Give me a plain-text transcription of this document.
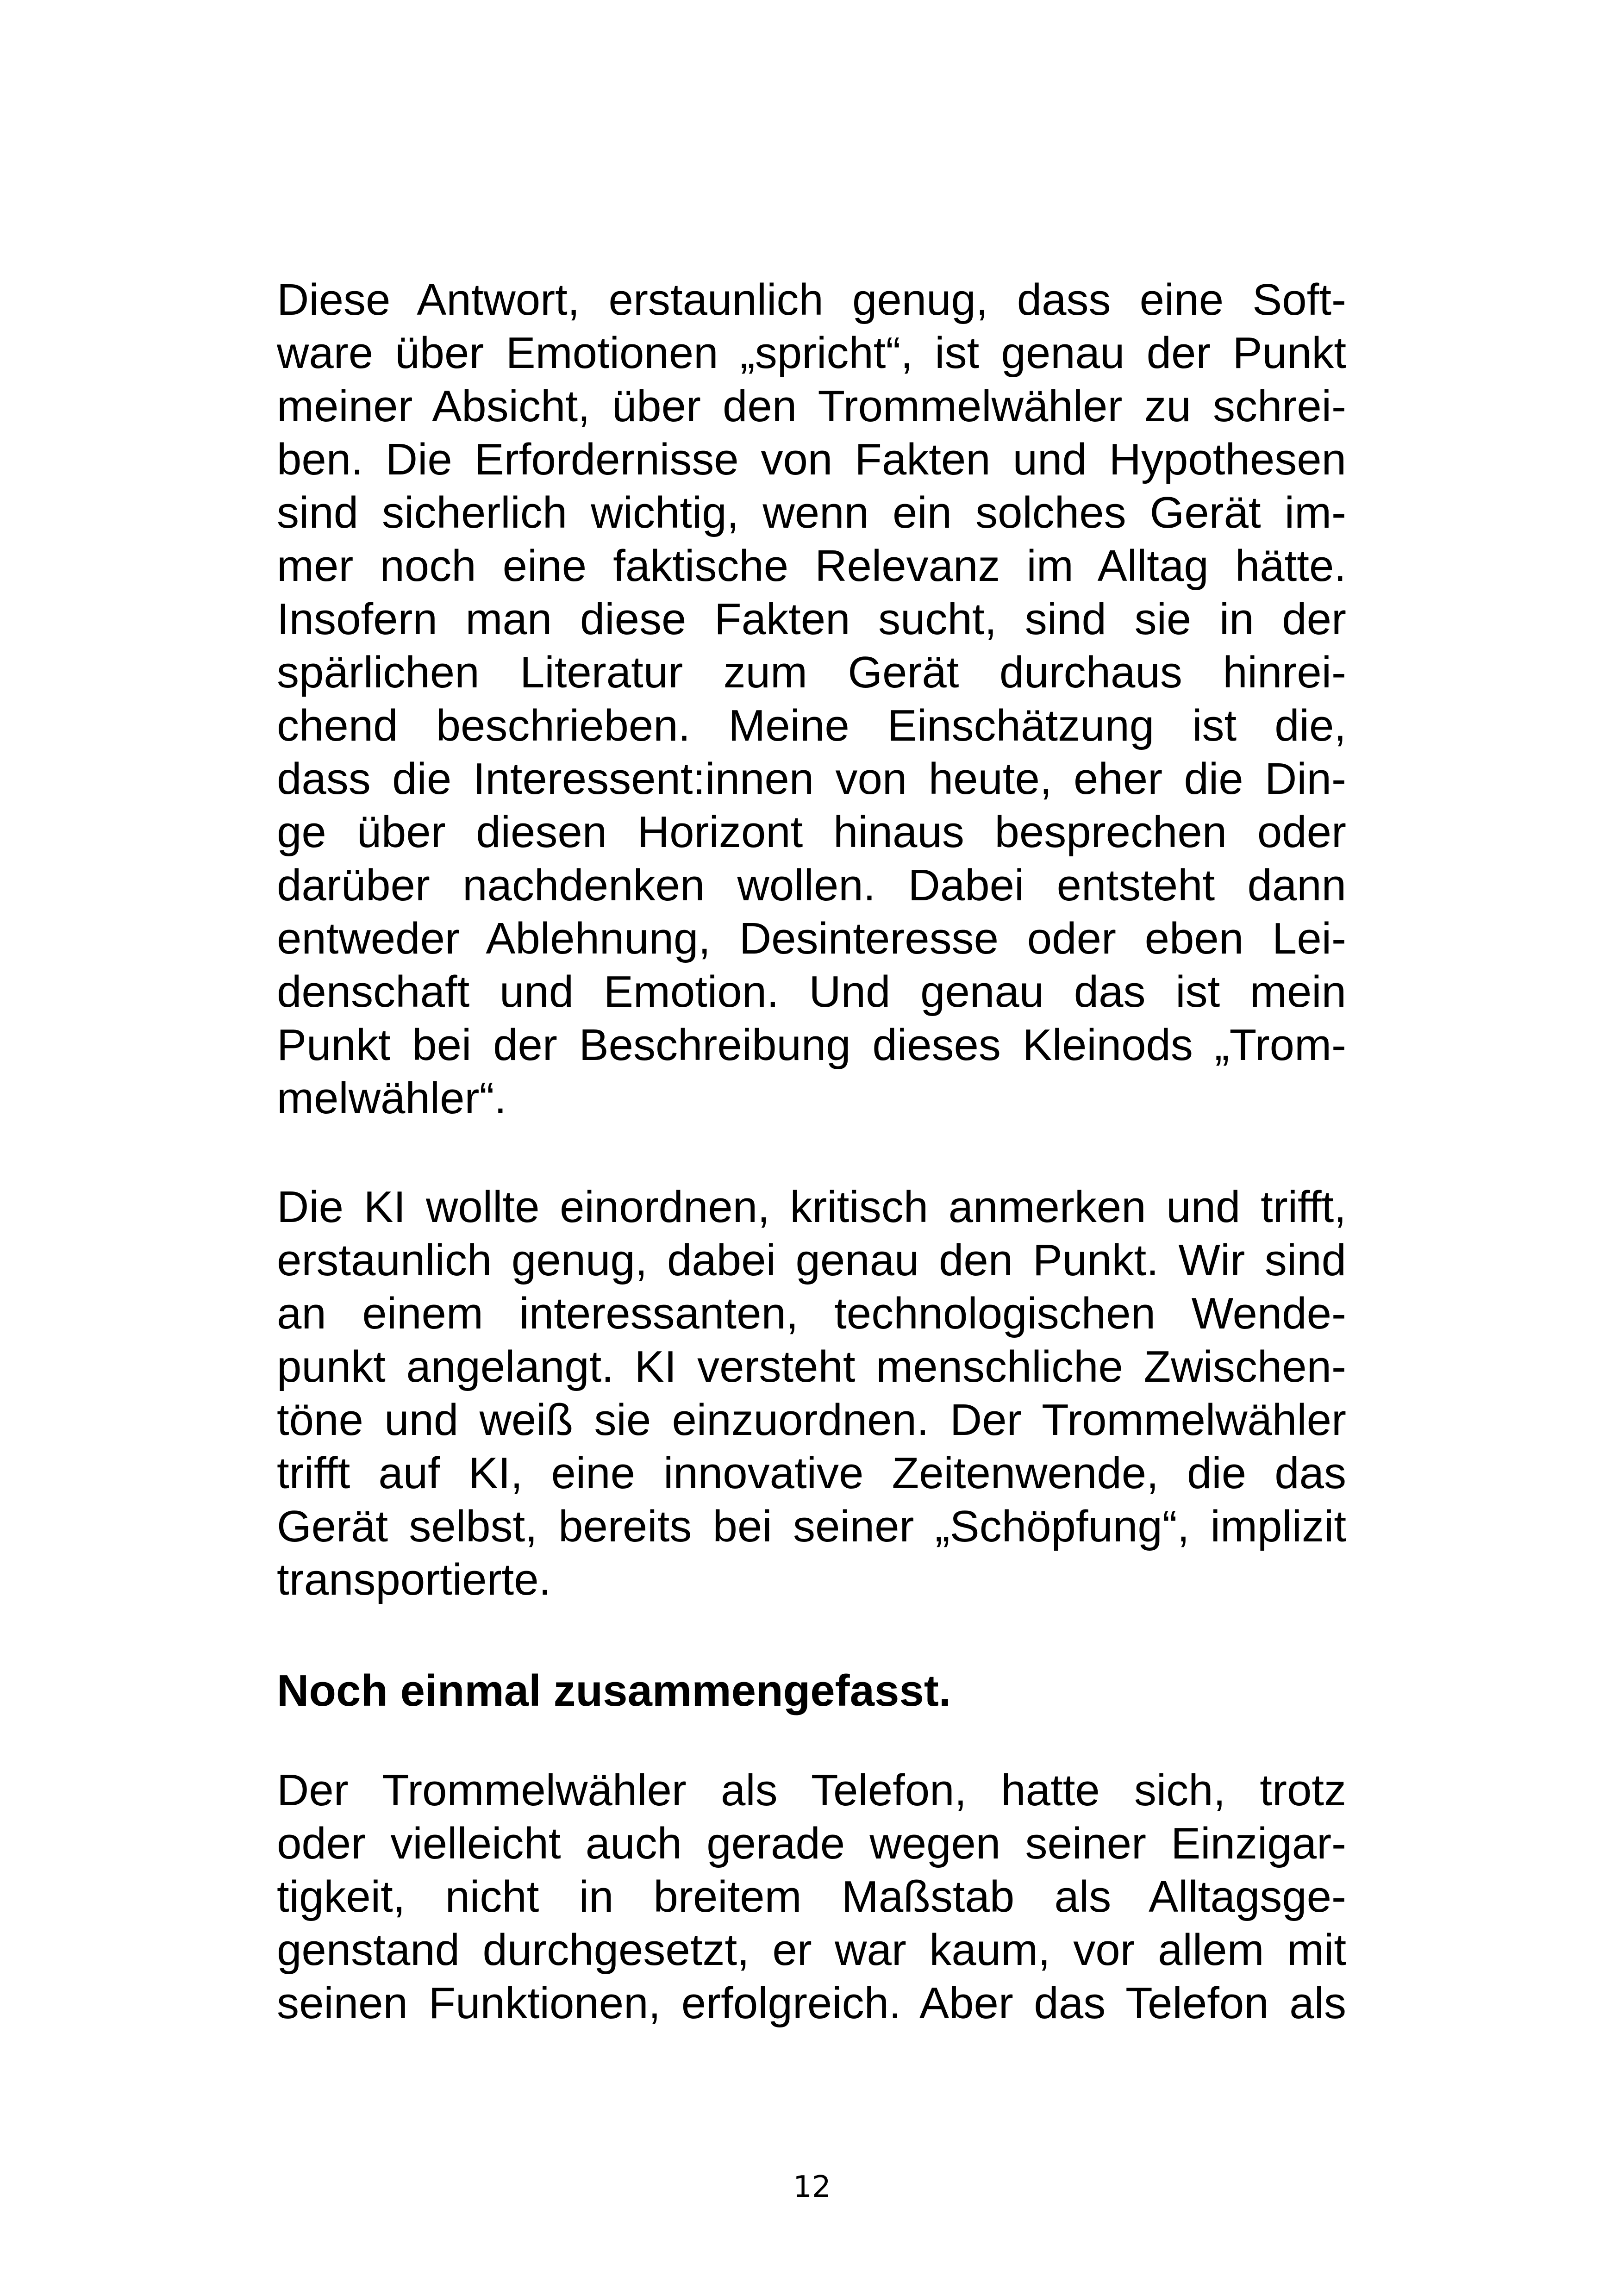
Diese Antwort, erstaunlich genug, dass eine Soft-
ware über Emotionen „spricht“, ist genau der Punkt
meiner Absicht, über den Trommelwähler zu schrei-
ben. Die Erfordernisse von Fakten und Hypothesen
sind sicherlich wichtig, wenn ein solches Gerät im-
mer noch eine faktische Relevanz im Alltag hätte.
Insofern man diese Fakten sucht, sind sie in der
spärlichen Literatur zum Gerät durchaus hinrei-
chend beschrieben. Meine Einschätzung ist die,
dass die Interessent:innen von heute, eher die Din-
ge über diesen Horizont hinaus besprechen oder
darüber nachdenken wollen. Dabei entsteht dann
entweder Ablehnung, Desinteresse oder eben Lei-
denschaft und Emotion. Und genau das ist mein
Punkt bei der Beschreibung dieses Kleinods „Trom-
melwähler“.
Die KI wollte einordnen, kritisch anmerken und trifft,
erstaunlich genug, dabei genau den Punkt. Wir sind
an einem interessanten, technologischen Wende-
punkt angelangt. KI versteht menschliche Zwischen-
töne und weiß sie einzuordnen. Der Trommelwähler
trifft auf KI, eine innovative Zeitenwende, die das
Gerät selbst, bereits bei seiner „Schöpfung“, implizit
transportierte.
Noch einmal zusammengefasst.
Der Trommelwähler als Telefon, hatte sich, trotz
oder vielleicht auch gerade wegen seiner Einzigar-
tigkeit, nicht in breitem Maßstab als Alltagsge-
genstand durchgesetzt, er war kaum, vor allem mit
seinen Funktionen, erfolgreich. Aber das Telefon als
12
